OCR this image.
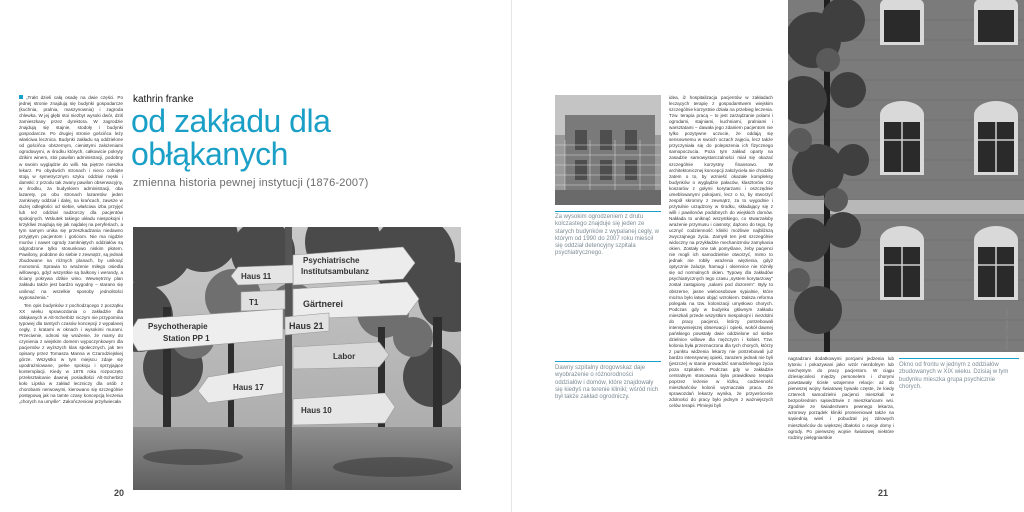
„Trakt dzieli całą osadę na dwie części. Po jednej stronie znajdują się budynki gospodarcze (kuchnia, pralnia, maszynownia) i zagroda chlewka. W jej głębi stoi niezbyt wysoki dwór, dziś zamieszkany przez dyrektora. W zagrodzie znajdują się stajnie, stodoły i budynki gospodarcze. Po drugiej stronie gościńca leży właściwa lecznica. Budynki zakładu są oddzielone od gościńca obszernym, cienistymi założeniami ogrodowymi, w środku których, całkowicie pokryty dzikim winem, stoi pawilon administracji, podobny w swoim wyglądzie do willi. Na piętrze mieszka lekarz. Po obydwóch stronach i nieco cofnięte stoją w symetrycznym szyku oddział męski i damski: z przodu tak zwany pawilon obserwacyjny, w środku, za budynkiem administracji, oba lazarety, po obu stronach lazaretów jeden zamknięty oddział i dalej, na krańcach, zawsze w dużej odległości od siebie, właściwa izba przyjęć lub też oddział nadzorczy dla pacjentów spokojnych. Wskutek takiego układu niespokojni i krzykliwi znajdują się jak najdalej na peryferiach, a tym samym unika się przeszkadzania niedawno przyjętym pacjentom i gościom. Nie ma nigdzie murów i nawet ogrody zamkniętych oddziałów są odgrodzone tylko stosunkowo niskim płotem. Pawilony, podobne do siebie z zewnątrz, są jednak zbudowane na różnych planach, by uniknąć monotonii. Sprawia to wrażenie miłego osiedla willowego, gdyż wszystkie są balkony i werandy, a ściany pokrywa dzikie wino. Wewnętrzny plan zakładu także jest bardzo wygodny – starano się uniknąć na wszelkie sposoby jednolitości wyposażenia.”

Ten opis budynków z pochodzącego z początku XX wieku sprawozdania o zakładzie dla obłąkanych w Alt-Scherbitz niczym nie przypomina typowej dla tamtych czasów koncepcji z wypalanej cegły, z kratami w oknach i wysokimi murami. Przeciwnie, odnosi się wrażenie, że mamy do czynienia z wiejskim domem wypoczynkowym dla pacjentów z wyższych klas społecznych, jak ten opisany przez Tomasza Manna w Czarodziejskiej górze. Wszystko w tym miejscu zdaje się upodrażniowane, pełne spokoju i sprzyjające kontemplacji. Kiedy w 1876 roku rozpoczęto przekształcanie dawnej posiadłości Alt-Scherbitz koło Lipska w zakład leczniczy dla osób z chorobami nerwowymi, kierowano się szczególnie postępową jak na tamte czasy koncepcją leczenia „chorych na umyśle”. Zakończeniowi przyświecała

kathrin franke
od zakładu dla
obłąkanych
zmienna historia pewnej instytucji (1876-2007)
Psychiatrische
Institutsambulanz
Haus 11
Gärtnerei
T1
Psychotherapie
Station PP 1
Haus 21
Labor
Haus 17
Haus 10
20
Za wysokim ogrodzeniem z drutu kolczastego znajduje się jeden ze starych budynków z wypalanej cegły, w którym od 1990 do 2007 roku mieścił się oddział detencyjny szpitala psychiatrycznego.
Dawny szpitalny drogowskaz daje wyobrażenie o różnorodności oddziałów i domów, które znajdowały się kiedyś na terenie kliniki; wśród nich był także zakład ogrodniczy.

idea, iż hospitalizacja pacjentów w zakładach leczących terapię z gospodarstwem wiejskim szczególnie korzystnie działa na przebieg leczenia. Tzw. terapia pracą – to jest zarządzanie polami i ogrodami, stajniami, kuchniami, pralniami i warsztatami – dawała jego zdaniem pacjentom nie tylko pozytywne uczucie, że oddają się sensownemu w swoich oczach zajęciu, lecz także przyczyniała się do polepszenia ich fizycznego samopoczucia. Poza tym zakład oparty na zasadzie samowystarczalności miał się okazać szczególnie korzystny finansowo. W architektonicznej koncepcji założyciela nie chodziło zatem o to, by wznieść okazałe kompleksy budynków o wyglądzie pałaców, klasztorów czy koszarów z gołymi korytarzami i oszczędnie umeblowanymi pokojami, lecz o to, by stworzyć zespół skromny z zewnątrz, za to wygodnie i przytulnie urządzony w środku, składający się z willi i pawilonów podobnych do wiejskich domów. Nakłada to uniknąć wszystkiego, co stwarzałoby wrażenie przymusu i ciasnoty; dążono do tego, by ucznyć codzienność kliniki możliwie najbliższą zwyczajnego życia. Zamysł ten jest szczególnie widoczny na przykładzie mechanizmów zamykania okien. Zostały one tak pomyślane, żeby pacjenci nie mogli ich samodzielnie otworzyć, mimo to jednak nie robiły wrażenia więzienia, gdyż optycznie żaluzje, framugi i okiennice nie różniły się od normalnych okien. Typowy dla zakładów psychiatrycznych tego czasu „system korytarzowy” został zastąpiony „salami pod dozorem”. Były to obszerne, jasne wieloosobowe sypialnie, które można było łatwo objąć wzrokiem. Dalsza reforma polegała na tzw. kolonizacji umysłowo chorych. Podczas gdy w budynku głównym zakładu mieszkali przede wszystkim niespokojni i niezdolni do pracy pacjenci, którzy potrzebowali intensywniejszej obserwacji i opieki, wokół dawnej pańskiego powstały dwie oddzielone od siebie dzielnice willowe dla mężczyzn i kobiet. Tzw. kolonia była przeznaczona dla tych chorych, którzy z punktu widzenia lekarzy nie potrzebowali już bardzo intensywnej opieki, zarazem jednak nie byli (jeszcze) w stanie prowadzić samodzielnego życia poza szpitalem. Podczas gdy w zakładzie centralnym stosowana była prawidłowo terapia poprzez leżenie w łóżku, codzienność mieszkańców kolonii wyznaczała praca. Ze sprawozdań lekarzy wynika, że przywrócenie zdolności do pracy było jednym z ważniejszych celów terapii. Plmiejsi byli

fotografie © Kathrin Franke

nagradzani dodatkowymi porcjami jedzenia lub tytoniu i pokazywani jako wzór niezdolnym lub niechętnym do pracy pacjentom. W ciągu dziesięcioleci między personelem i chorymi powstawały ścisłe wzajemne relacje: aż do pierwszej wojny światowej bywało częste, że kiedy czterech samodzielni pacjenci mieszkali w bezpośrednim sąsiedztwie z mieszkańcami wsi. Zgodnie ze świadectwem pewnego lekarza, wzorowy porządek kliniki promieniował także na sąsiednią wieś i pobudzał jej zdrowych mieszkańców do większej dbałości o swoje domy i ogrody. Po pierwszej wojnie światowej niektóre rodziny pielęgniarskie

Okno od frontu w jednym z oddziałów zbudowanych w XIX wieku. Dzisiaj w tym budynku mieszka grupa psychicznie chorych.
21
